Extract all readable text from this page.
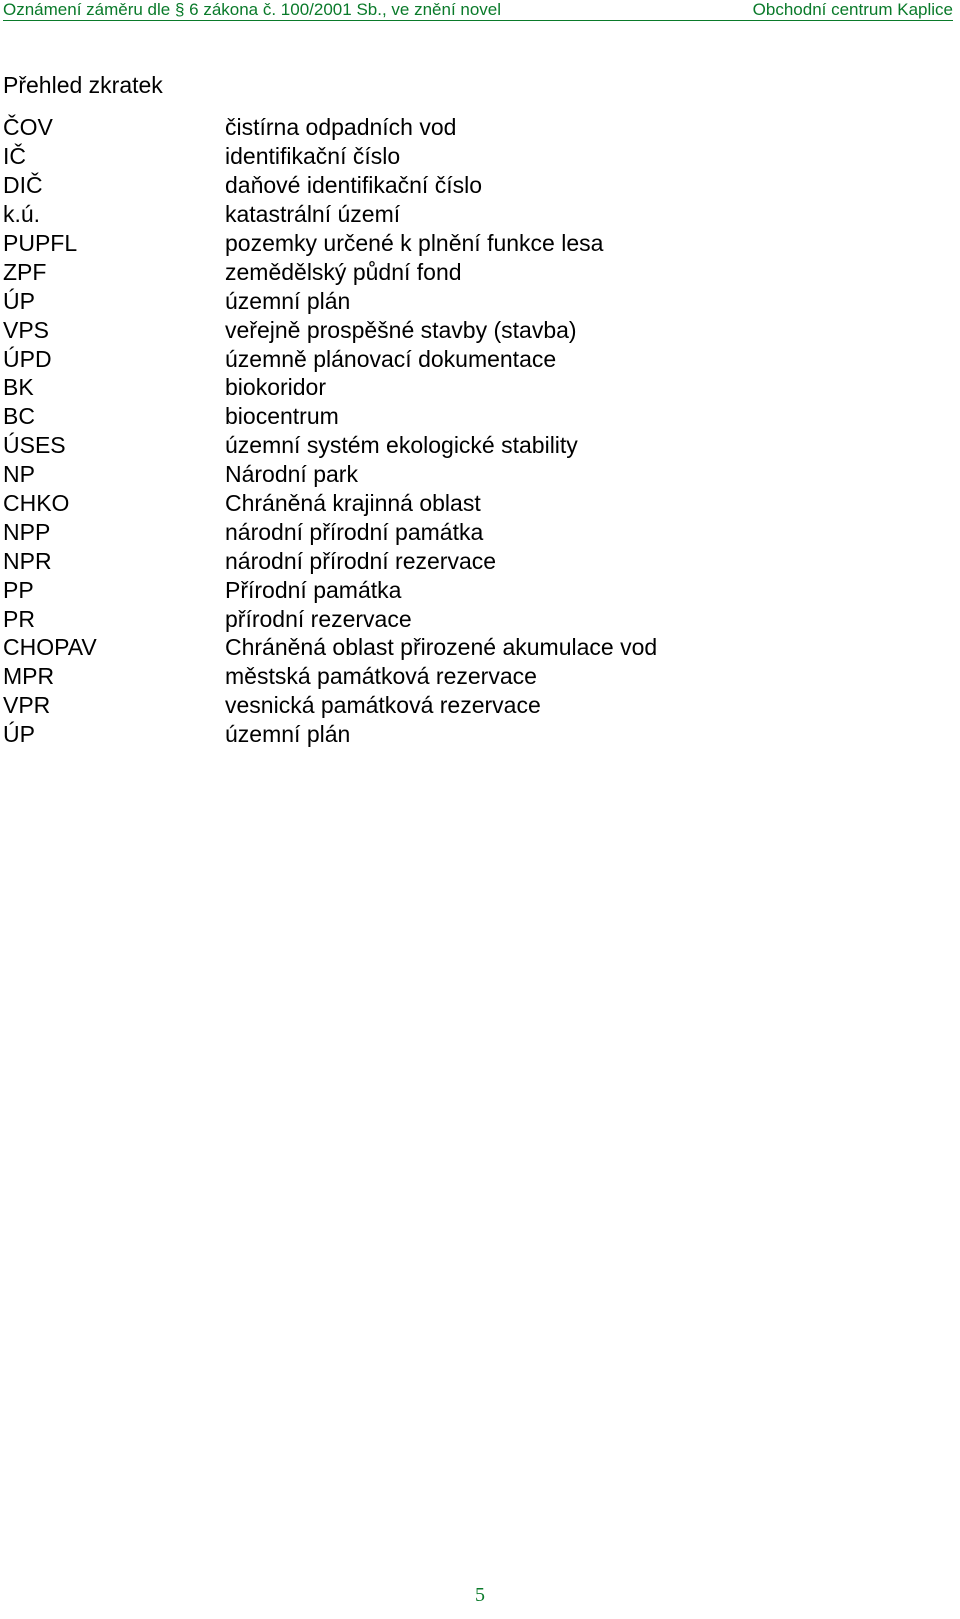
Oznámení záměru dle § 6 zákona č. 100/2001 Sb., ve znění novel	Obchodní centrum Kaplice
Přehled zkratek
ČOV	čistírna odpadních vod
IČ	identifikační číslo
DIČ	daňové identifikační číslo
k.ú.	katastrální území
PUPFL	pozemky určené k plnění funkce lesa
ZPF	zemědělský půdní fond
ÚP	územní plán
VPS	veřejně prospěšné stavby (stavba)
ÚPD	územně plánovací dokumentace
BK	biokoridor
BC	biocentrum
ÚSES	územní systém ekologické stability
NP	Národní park
CHKO	Chráněná krajinná oblast
NPP	národní přírodní památka
NPR	národní přírodní rezervace
PP	Přírodní památka
PR	přírodní rezervace
CHOPAV	Chráněná oblast přirozené akumulace vod
MPR	městská památková rezervace
VPR	vesnická památková rezervace
ÚP	územní plán
5
